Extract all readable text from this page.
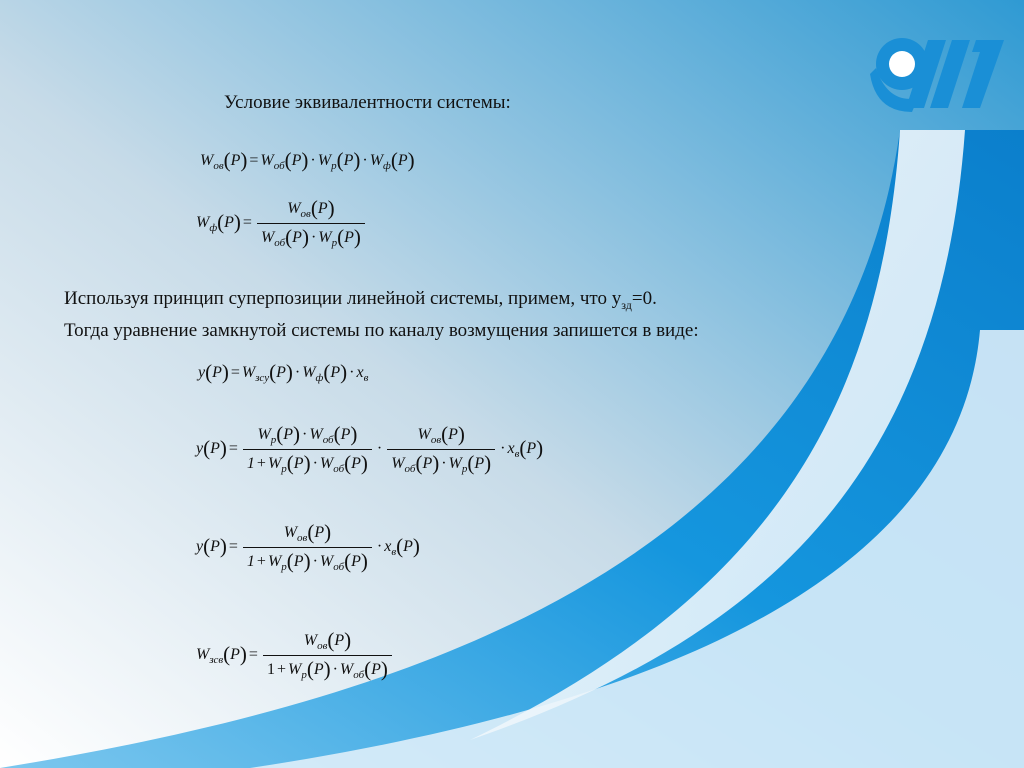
Условие эквивалентности системы:
$W_{ов}(P) = W_{об}(P) \cdot W_р(P) \cdot W_ф(P)$
$W_ф(P) = \frac{W_{ов}(P)}{W_{об}(P) \cdot W_р(P)}$
Используя принцип суперпозиции линейной системы, примем, что $у_{зд}=0$.
Тогда уравнение замкнутой системы по каналу возмущения запишется в виде:
$y(P) = W_{зсу}(P) \cdot W_ф(P) \cdot x_в$
$y(P) = \frac{W_р(P) \cdot W_{об}(P)}{1 + W_р(P) \cdot W_{об}(P)} \cdot \frac{W_{ов}(P)}{W_{об}(P) \cdot W_р(P)} \cdot x_в(P)$
$y(P) = \frac{W_{ов}(P)}{1 + W_р(P) \cdot W_{об}(P)} \cdot x_в(P)$
$W_{зсв}(P) = \frac{W_{ов}(P)}{1 + W_р(P) \cdot W_{об}(P)}$
